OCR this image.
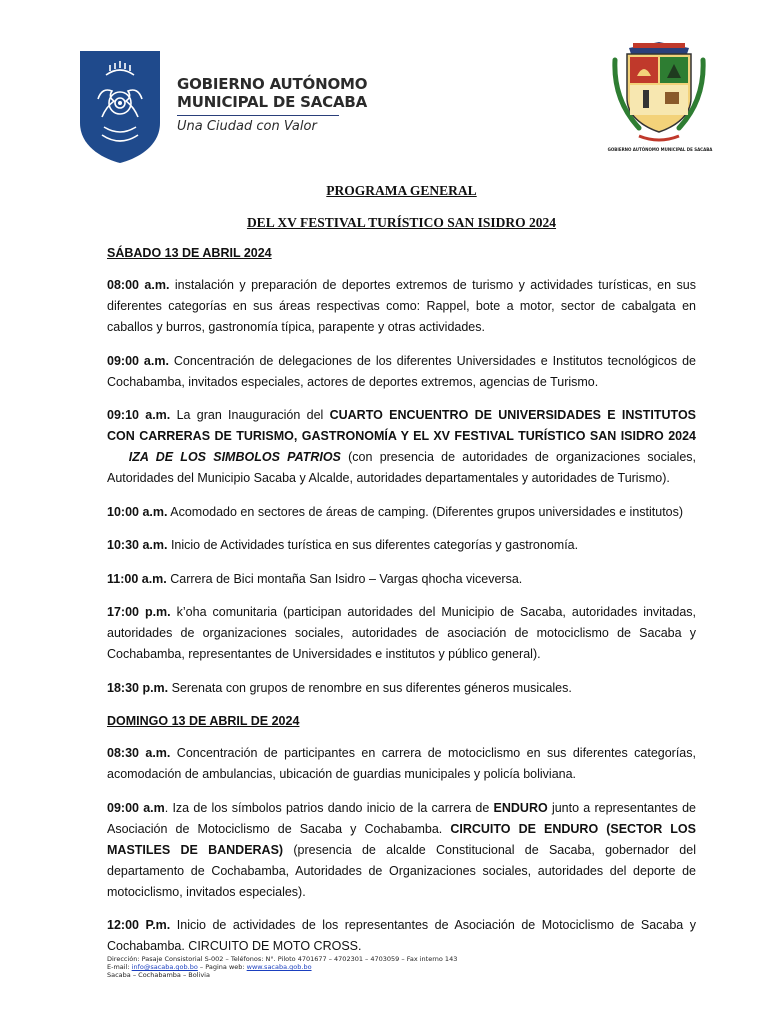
GOBIERNO AUTÓNOMO
MUNICIPAL DE SACABA
Una Ciudad con Valor
GOBIERNO AUTÓNOMO MUNICIPAL DE SACABA
PROGRAMA GENERAL
DEL XV FESTIVAL TURÍSTICO SAN ISIDRO 2024
SÁBADO 13 DE ABRIL 2024

08:00 a.m. instalación y preparación de deportes extremos de turismo y actividades turísticas, en sus diferentes categorías en sus áreas respectivas como: Rappel, bote a motor, sector de cabalgata en caballos y burros, gastronomía típica, parapente y otras actividades.

09:00 a.m. Concentración de delegaciones de los diferentes Universidades e Institutos tecnológicos de Cochabamba, invitados especiales, actores de deportes extremos, agencias de Turismo.

09:10 a.m. La gran Inauguración del CUARTO ENCUENTRO DE UNIVERSIDADES E INSTITUTOS CON CARRERAS DE TURISMO, GASTRONOMÍA Y EL XV FESTIVAL TURÍSTICO SAN ISIDRO 2024   IZA DE LOS SIMBOLOS PATRIOS (con presencia de autoridades de organizaciones sociales, Autoridades del Municipio Sacaba y Alcalde, autoridades departamentales y autoridades de Turismo).

10:00 a.m. Acomodado en sectores de áreas de camping. (Diferentes grupos universidades e institutos)

10:30 a.m. Inicio de Actividades turística en sus diferentes categorías y gastronomía.

11:00 a.m. Carrera de Bici montaña San Isidro – Vargas qhocha viceversa.

17:00 p.m. k’oha comunitaria (participan autoridades del Municipio de Sacaba, autoridades invitadas, autoridades de organizaciones sociales, autoridades de asociación de motociclismo de Sacaba y Cochabamba, representantes de Universidades e institutos y público general).

18:30 p.m. Serenata con grupos de renombre en sus diferentes géneros musicales.

DOMINGO 13 DE ABRIL DE 2024

08:30 a.m. Concentración de participantes en carrera de motociclismo en sus diferentes categorías, acomodación de ambulancias, ubicación de guardias municipales y policía boliviana.

09:00 a.m. Iza de los símbolos patrios dando inicio de la carrera de ENDURO junto a representantes de Asociación de Motociclismo de Sacaba y Cochabamba. CIRCUITO DE ENDURO (SECTOR LOS MASTILES DE BANDERAS) (presencia de alcalde Constitucional de Sacaba, gobernador del departamento de Cochabamba, Autoridades de Organizaciones sociales, autoridades del deporte de motociclismo, invitados especiales).

12:00 P.m. Inicio de actividades de los representantes de Asociación de Motociclismo de Sacaba y Cochabamba. CIRCUITO DE MOTO CROSS.

Dirección: Pasaje Consistorial S-002 – Teléfonos: N°. Piloto 4701677 – 4702301 – 4703059 – Fax interno 143
E-mail: info@sacaba.gob.bo – Pagina web: www.sacaba.gob.bo
Sacaba – Cochabamba – Bolivia
